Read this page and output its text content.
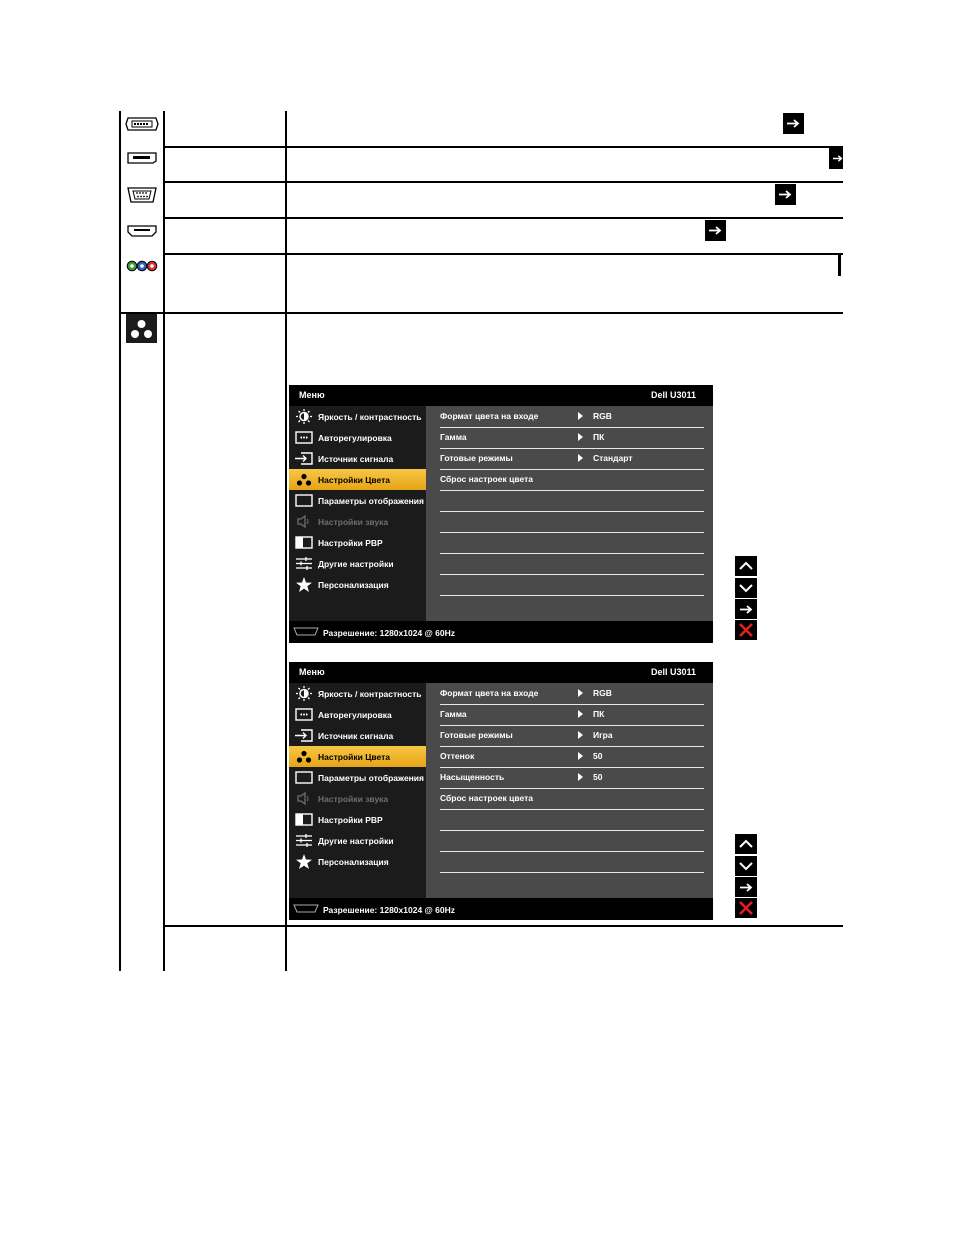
Меню	Dell U3011
Яркость / контрастность
Авторегулировка
Источник сигнала
Настройки Цвета
Параметры отображения
Настройки звука
Настройки PBP
Другие настройки
Персонализация
Формат цвета на входе	RGB
Гамма	ПК
Готовые режимы	Стандарт
Сброс настроек цвета
Разрешение: 1280x1024 @ 60Hz
Меню	Dell U3011
Яркость / контрастность
Авторегулировка
Источник сигнала
Настройки Цвета
Параметры отображения
Настройки звука
Настройки PBP
Другие настройки
Персонализация
Формат цвета на входе	RGB
Гамма	ПК
Готовые режимы	Игра
Оттенок	50
Насыщенность	50
Сброс настроек цвета
Разрешение: 1280x1024 @ 60Hz
